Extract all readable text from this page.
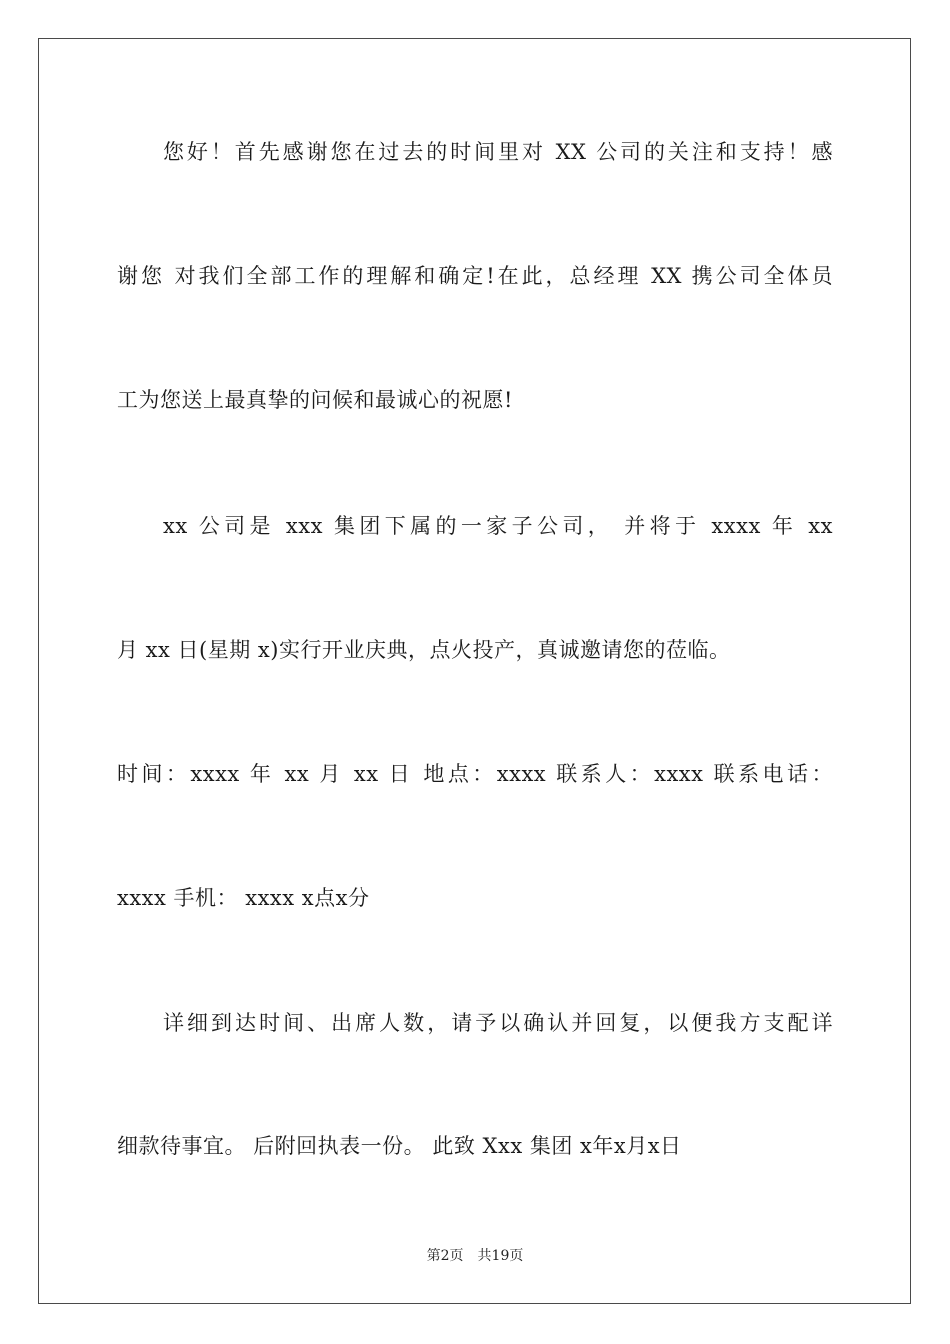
您好！首先感谢您在过去的时间里对 XX 公司的关注和支持！感
谢您 对我们全部工作的理解和确定!在此，总经理 XX 携公司全体员
工为您送上最真挚的问候和最诚心的祝愿!
xx 公司是 xxx 集团下属的一家子公司， 并将于 xxxx 年 xx
月 xx 日(星期 x)实行开业庆典，点火投产，真诚邀请您的莅临。
时间：xxxx 年 xx 月 xx 日 地点：xxxx 联系人：xxxx 联系电话：
xxxx 手机： xxxx x点x分
详细到达时间、出席人数，请予以确认并回复，以便我方支配详
细款待事宜。 后附回执表一份。 此致 Xxx 集团 x年x月x日
第2页　共19页
